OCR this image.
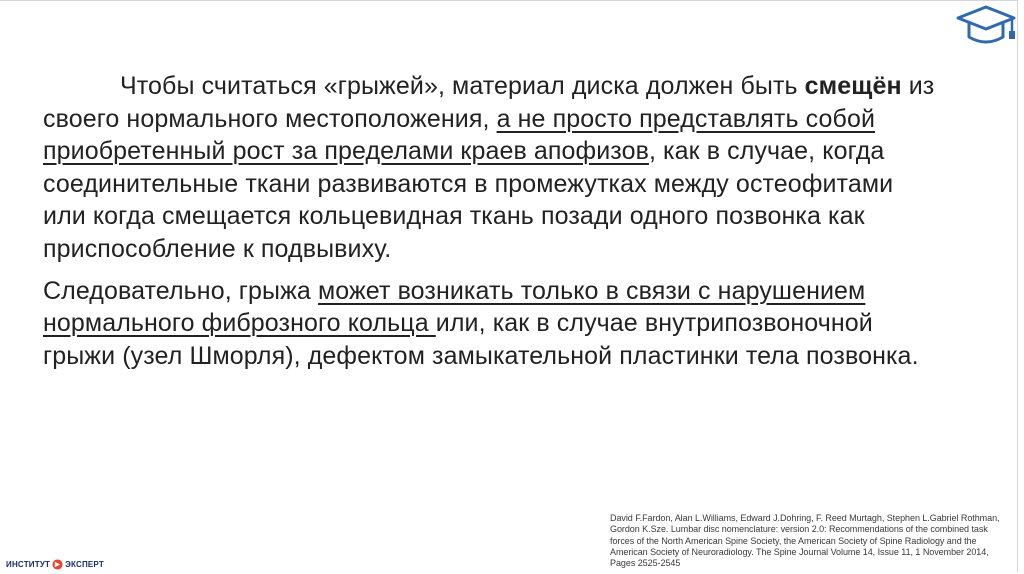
Чтобы считаться «грыжей», материал диска должен быть смещён из своего нормального местоположения, а не просто представлять собой приобретенный рост за пределами краев апофизов, как в случае, когда соединительные ткани развиваются в промежутках между остеофитами или когда смещается кольцевидная ткань позади одного позвонка как приспособление к подвывиху.

Следовательно, грыжа может возникать только в связи с нарушением нормального фиброзного кольца или, как в случае внутрипозвоночной грыжи (узел Шморля), дефектом замыкательной пластинки тела позвонка.

David F.Fardon, Alan L.Williams, Edward J.Dohring, F. Reed Murtagh, Stephen L.Gabriel Rothman, Gordon K.Sze. Lumbar disc nomenclature: version 2.0: Recommendations of the combined task forces of the North American Spine Society, the American Society of Spine Radiology and the American Society of Neuroradiology. The Spine Journal Volume 14, Issue 11, 1 November 2014, Pages 2525-2545
ИНСТИТУТ ЭКСПЕРТ
